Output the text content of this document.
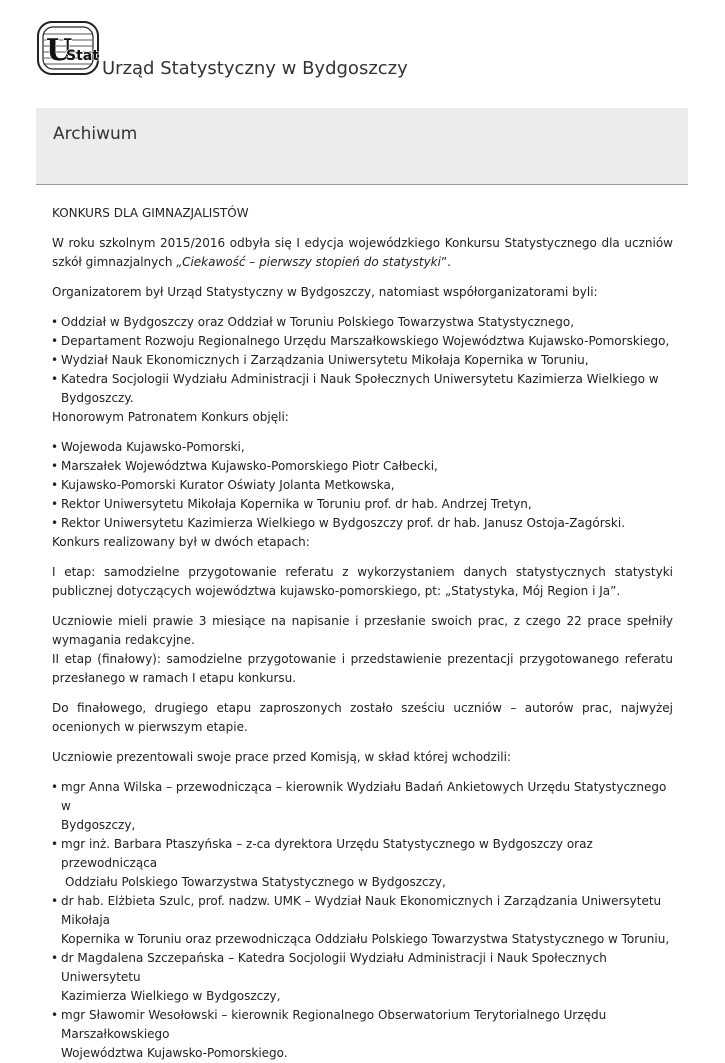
U
Stat
Urząd Statystyczny w Bydgoszczy
Archiwum

KONKURS DLA GIMNAZJALISTÓW

W roku szkolnym 2015/2016 odbyła się I edycja wojewódzkiego Konkursu Statystycznego dla uczniów szkół gimnazjalnych „Ciekawość – pierwszy stopień do statystyki”.

Organizatorem był Urząd Statystyczny w Bydgoszczy, natomiast współorganizatorami byli:

• Oddział w Bydgoszczy oraz Oddział w Toruniu Polskiego Towarzystwa Statystycznego,
• Departament Rozwoju Regionalnego Urzędu Marszałkowskiego Województwa Kujawsko-Pomorskiego,
• Wydział Nauk Ekonomicznych i Zarządzania Uniwersytetu Mikołaja Kopernika w Toruniu,
• Katedra Socjologii Wydziału Administracji i Nauk Społecznych Uniwersytetu Kazimierza Wielkiego w Bydgoszczy.

Honorowym Patronatem Konkurs objęli:

• Wojewoda Kujawsko-Pomorski,
• Marszałek Województwa Kujawsko-Pomorskiego Piotr Całbecki,
• Kujawsko-Pomorski Kurator Oświaty Jolanta Metkowska,
• Rektor Uniwersytetu Mikołaja Kopernika w Toruniu prof. dr hab. Andrzej Tretyn,
• Rektor Uniwersytetu Kazimierza Wielkiego w Bydgoszczy prof. dr hab. Janusz Ostoja-Zagórski.

Konkurs realizowany był w dwóch etapach:

I etap: samodzielne przygotowanie referatu z wykorzystaniem danych statystycznych statystyki publicznej dotyczących województwa kujawsko-pomorskiego, pt: „Statystyka, Mój Region i Ja”.

Uczniowie mieli prawie 3 miesiące na napisanie i przesłanie swoich prac, z czego 22 prace spełniły wymagania redakcyjne.

II etap (finałowy): samodzielne przygotowanie i przedstawienie prezentacji przygotowanego referatu przesłanego w ramach I etapu konkursu.

Do finałowego, drugiego etapu zaproszonych zostało sześciu uczniów – autorów prac, najwyżej ocenionych w pierwszym etapie.

Uczniowie prezentowali swoje prace przed Komisją, w skład której wchodzili:

• mgr Anna Wilska – przewodnicząca – kierownik Wydziału Badań Ankietowych Urzędu Statystycznego w
Bydgoszczy,
• mgr inż. Barbara Ptaszyńska – z-ca dyrektora Urzędu Statystycznego w Bydgoszczy oraz przewodnicząca
Oddziału Polskiego Towarzystwa Statystycznego w Bydgoszczy,
• dr hab. Elżbieta Szulc, prof. nadzw. UMK – Wydział Nauk Ekonomicznych i Zarządzania Uniwersytetu Mikołaja
Kopernika w Toruniu oraz przewodnicząca Oddziału Polskiego Towarzystwa Statystycznego w Toruniu,
• dr Magdalena Szczepańska – Katedra Socjologii Wydziału Administracji i Nauk Społecznych Uniwersytetu
Kazimierza Wielkiego w Bydgoszczy,
• mgr Sławomir Wesołowski – kierownik Regionalnego Obserwatorium Terytorialnego Urzędu Marszałkowskiego
Województwa Kujawsko-Pomorskiego.
